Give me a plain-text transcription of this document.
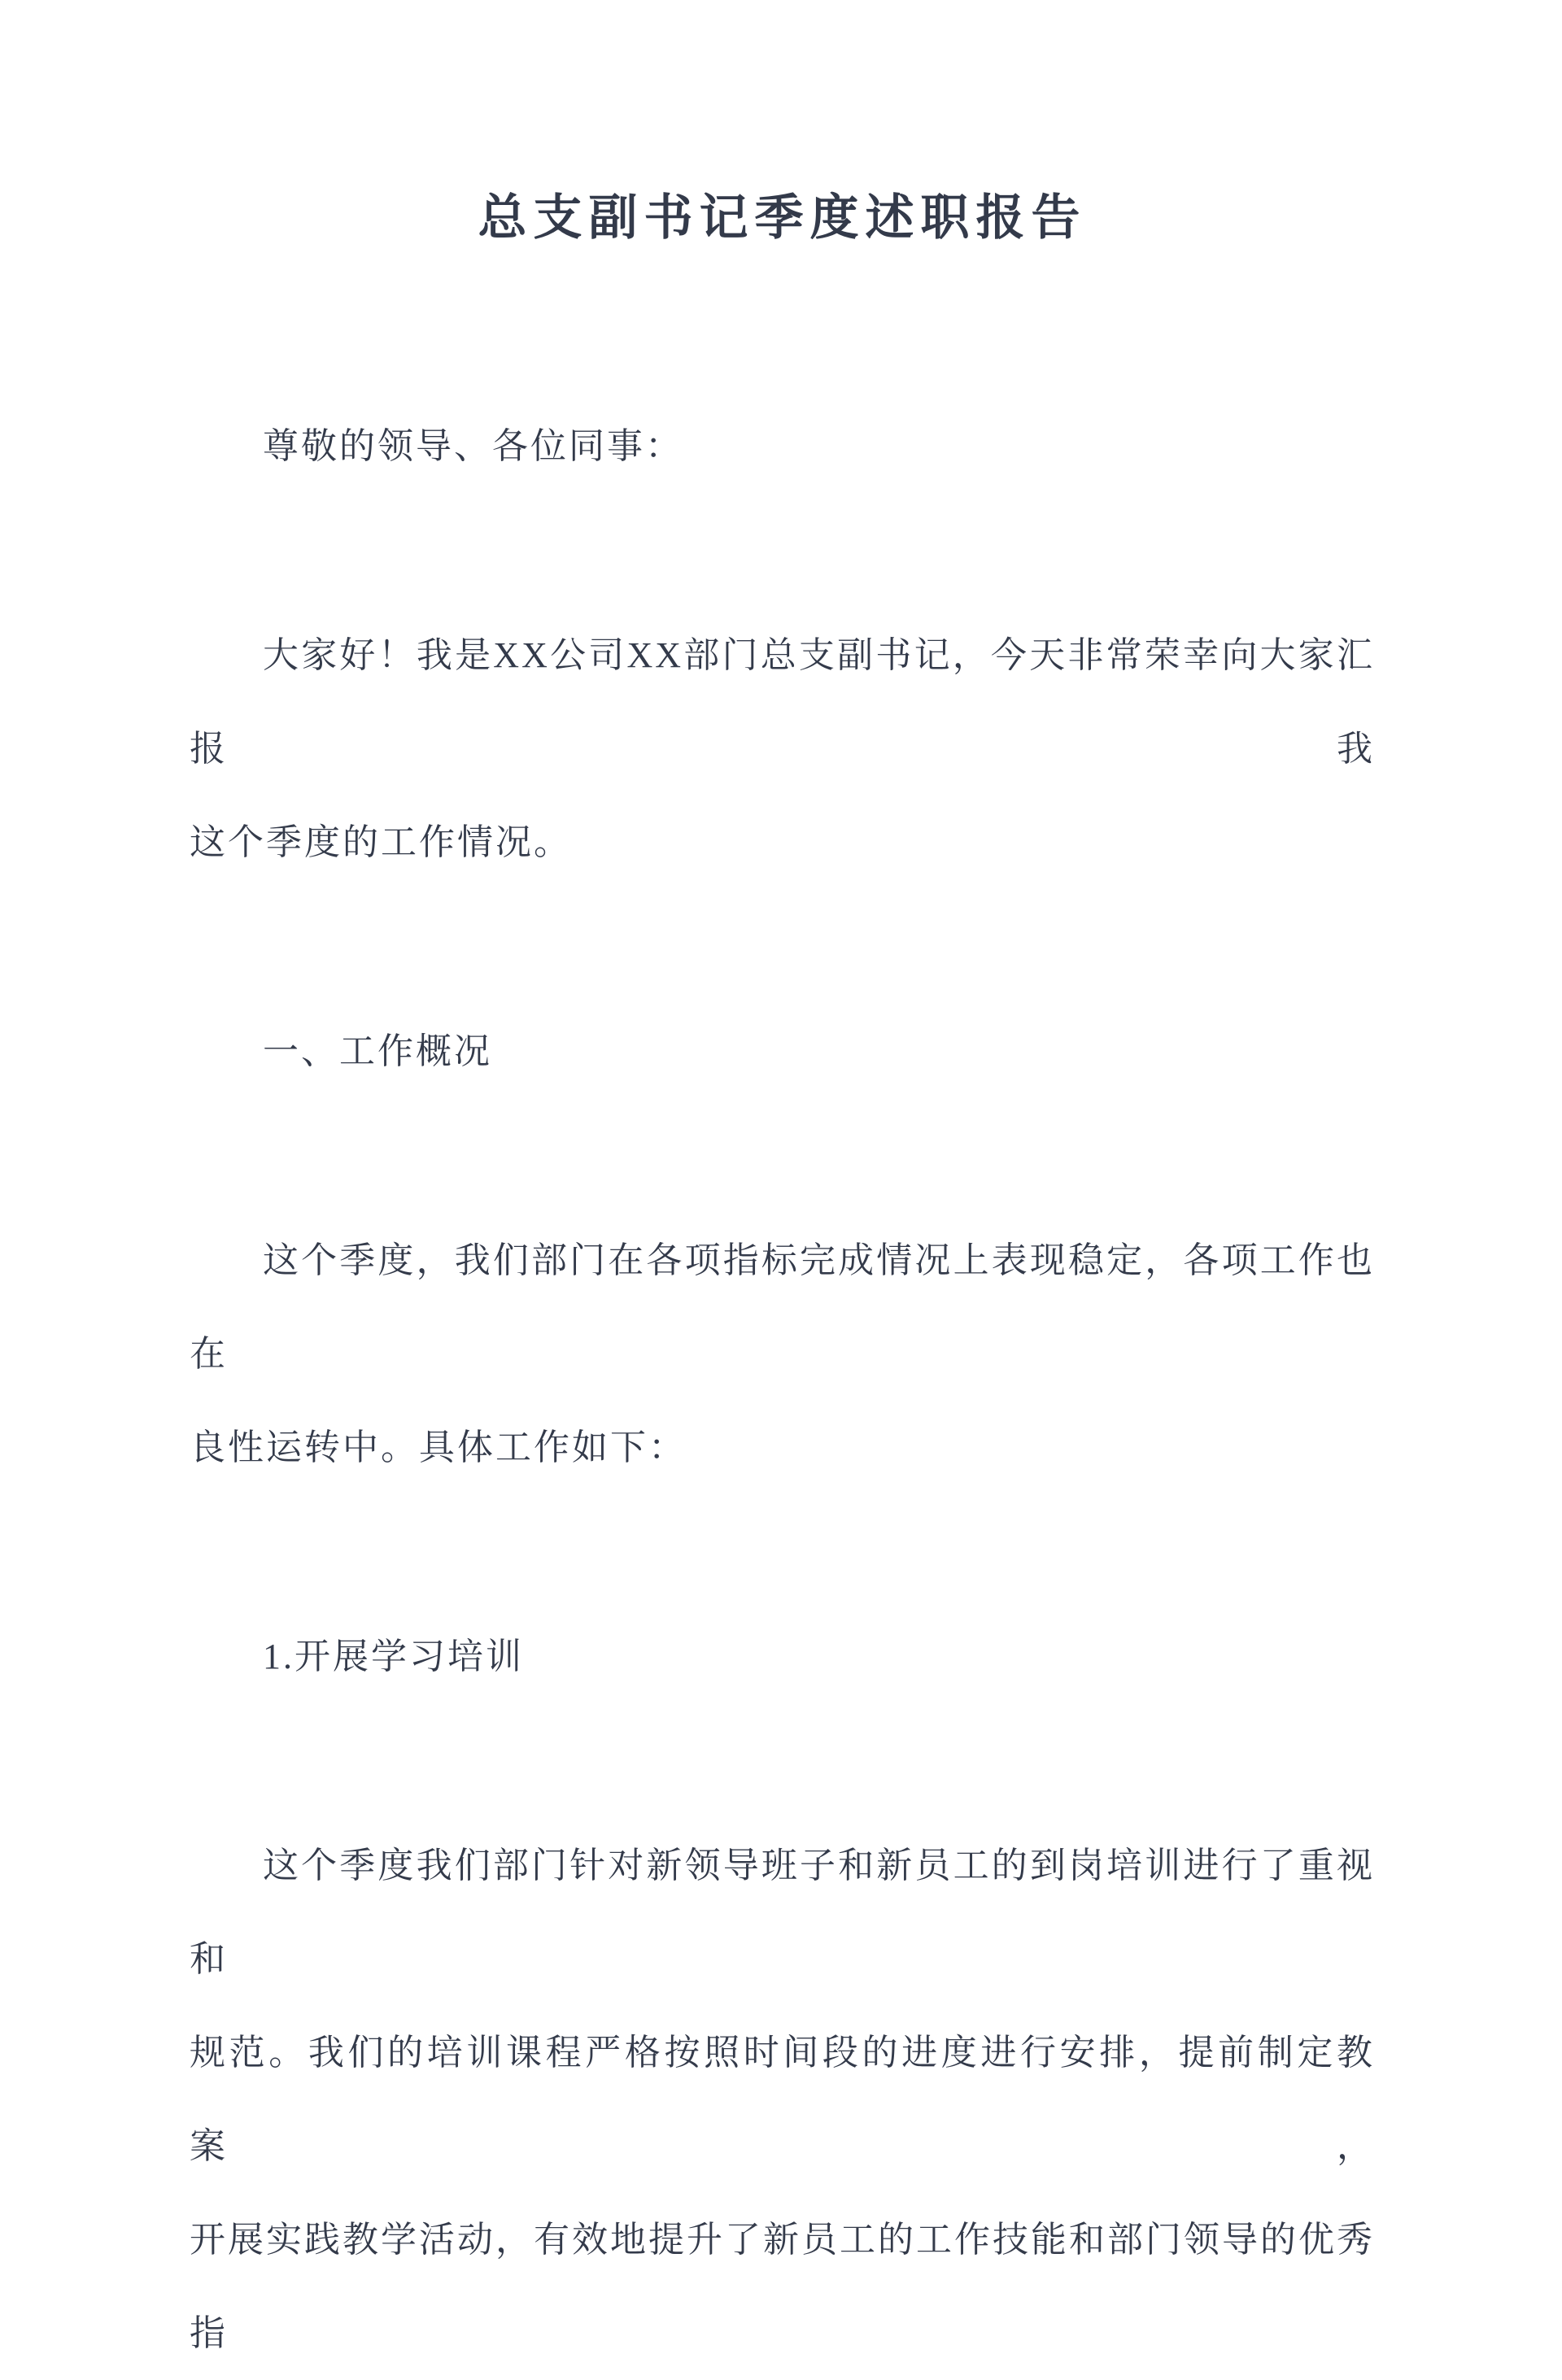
总支副书记季度述职报告
尊敬的领导、各位同事：
大家好！我是XX公司XX部门总支副书记，今天非常荣幸向大家汇报我
这个季度的工作情况。
一、工作概况
这个季度，我们部门在各项指标完成情况上表现稳定，各项工作也在
良性运转中。具体工作如下：
1.开展学习培训
这个季度我们部门针对新领导班子和新员工的到岗培训进行了重视和
规范。我们的培训课程严格按照时间段的进度进行安排，提前制定教案，
开展实践教学活动，有效地提升了新员工的工作技能和部门领导的优秀指
